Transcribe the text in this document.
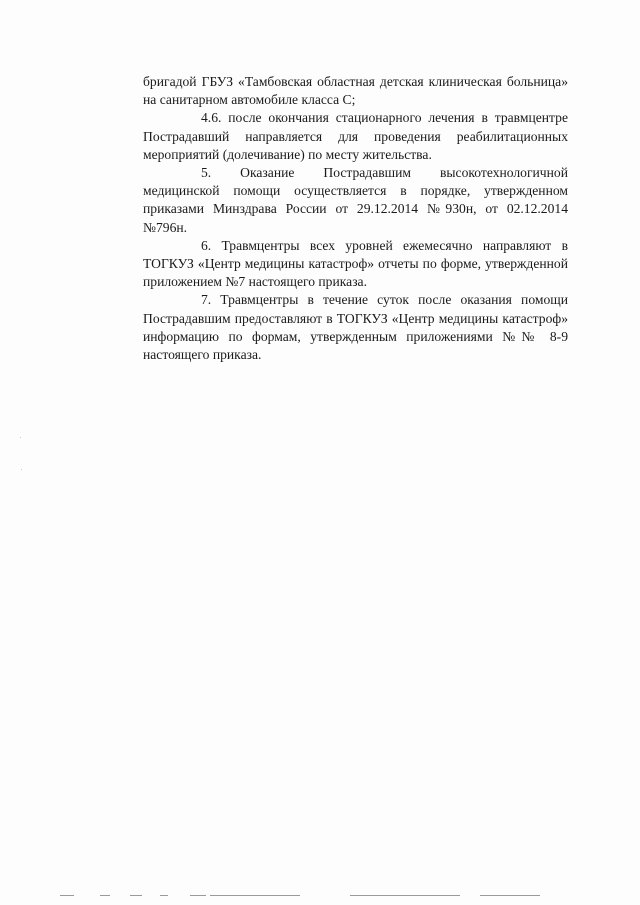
бригадой ГБУЗ «Тамбовская областная детская клиническая больница» на санитарном автомобиле класса С;

4.6. после окончания стационарного лечения в травмцентре Пострадавший направляется для проведения реабилитационных мероприятий (долечивание) по месту жительства.

5. Оказание Пострадавшим высокотехнологичной медицинской помощи осуществляется в порядке, утвержденном приказами Минздрава России от 29.12.2014 №930н, от 02.12.2014 №796н.

6. Травмцентры всех уровней ежемесячно направляют в ТОГКУЗ «Центр медицины катастроф» отчеты по форме, утвержденной приложением №7 настоящего приказа.

7. Травмцентры в течение суток после оказания помощи Пострадавшим предоставляют в ТОГКУЗ «Центр медицины катастроф» информацию по формам, утвержденным приложениями №№ 8-9 настоящего приказа.
